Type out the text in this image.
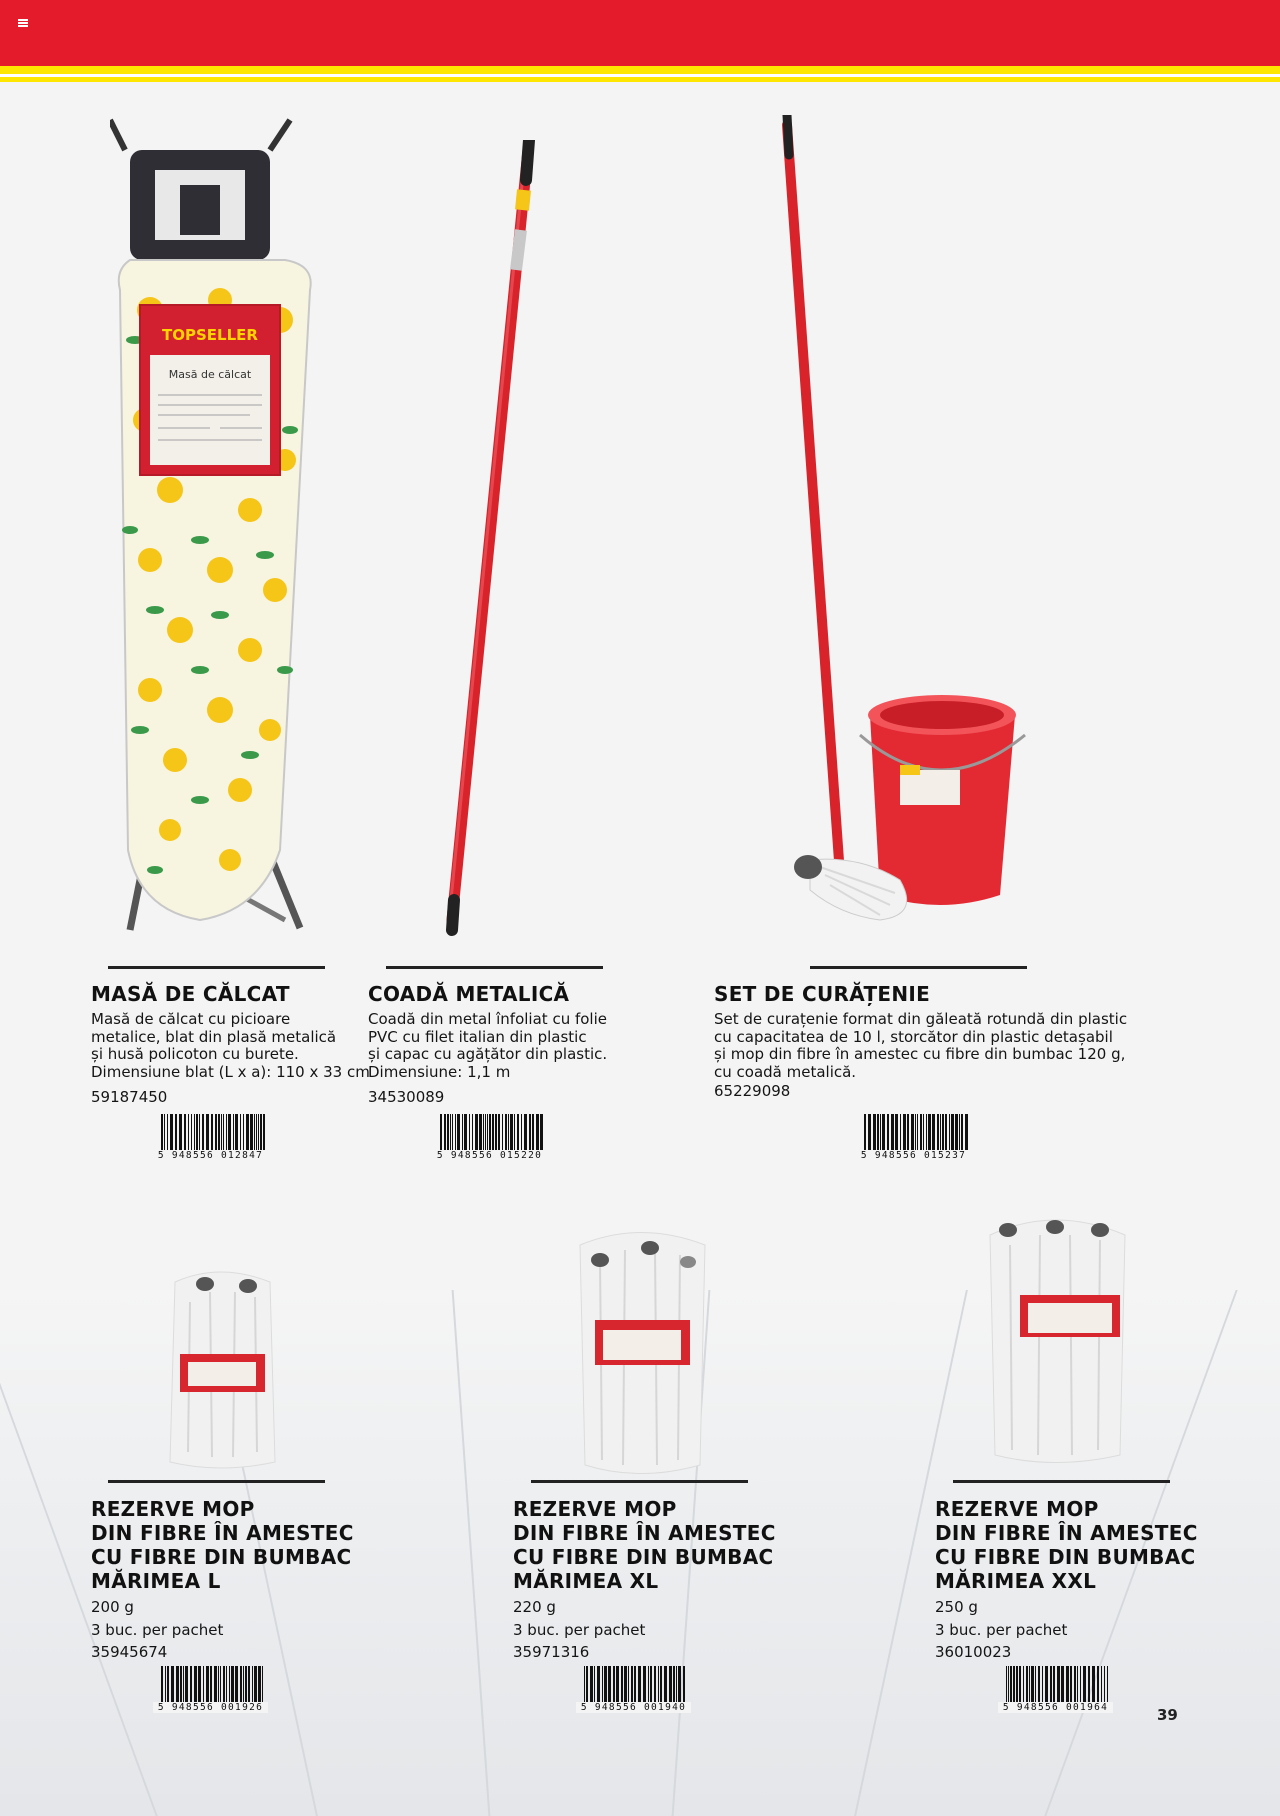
TOPSELLER
Masă de călcat
MASĂ DE CĂLCAT
Masă de călcat cu picioare
metalice, blat din plasă metalică
și husă policoton cu burete.
Dimensiune blat (L x a): 110 x 33 cm
59187450
5 948556 012847
COADĂ METALICĂ
Coadă din metal înfoliat cu folie
PVC cu filet italian din plastic
și capac cu agățător din plastic.
Dimensiune: 1,1 m
34530089
5 948556 015220
SET DE CURĂȚENIE
Set de curațenie format din găleată rotundă din plastic
cu capacitatea de 10 l, storcător din plastic detașabil
și mop din fibre în amestec cu fibre din bumbac 120 g,
cu coadă metalică.
65229098
5 948556 015237
REZERVE MOP
DIN FIBRE ÎN AMESTEC
CU FIBRE DIN BUMBAC
MĂRIMEA L
200 g
3 buc. per pachet
35945674
5 948556 001926
REZERVE MOP
DIN FIBRE ÎN AMESTEC
CU FIBRE DIN BUMBAC
MĂRIMEA XL
220 g
3 buc. per pachet
35971316
5 948556 001940
REZERVE MOP
DIN FIBRE ÎN AMESTEC
CU FIBRE DIN BUMBAC
MĂRIMEA XXL
250 g
3 buc. per pachet
36010023
5 948556 001964	39
